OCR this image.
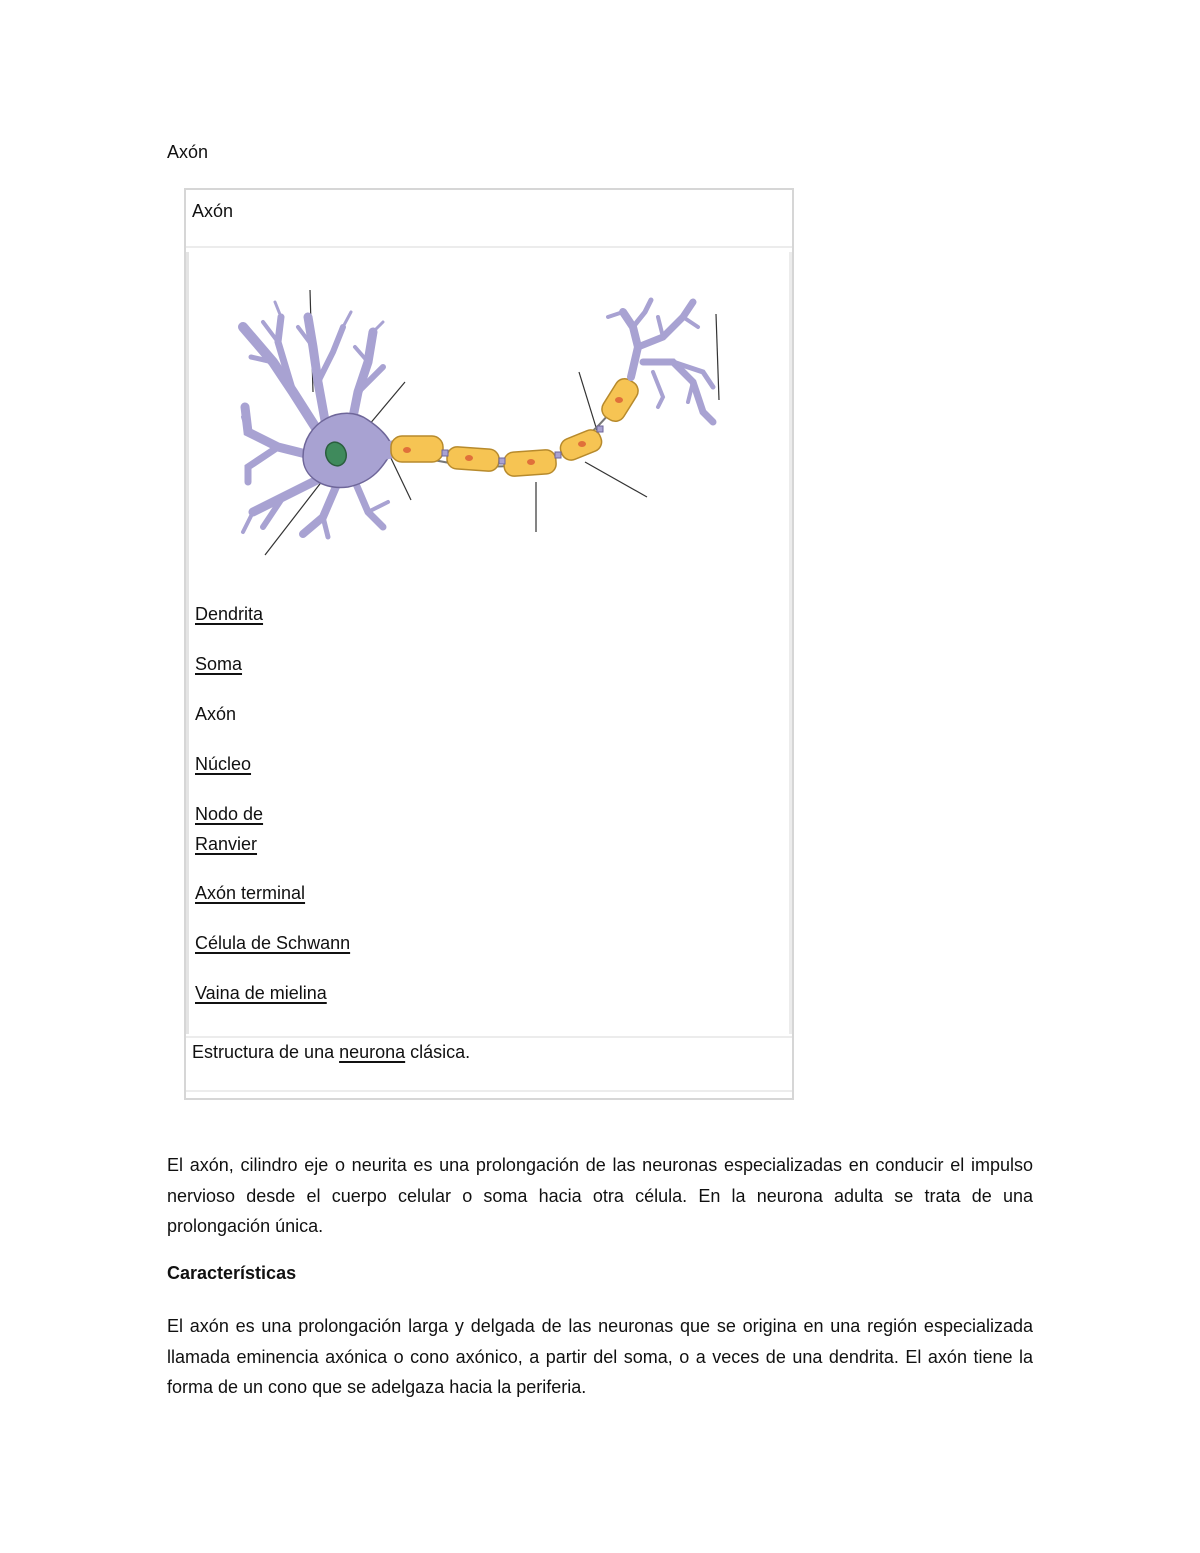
Axón
Axón
Dendrita
Soma
Axón
Núcleo
Nodo de Ranvier
Axón terminal
Célula de Schwann
Vaina de mielina

Estructura de una neurona clásica.

El axón, cilindro eje o neurita es una prolongación de las neuronas especializadas en conducir el impulso nervioso desde el cuerpo celular o soma hacia otra célula. En la neurona adulta se trata de una prolongación única.

Características

El axón es una prolongación larga y delgada de las neuronas que se origina en una región especializada llamada eminencia axónica o cono axónico, a partir del soma, o a veces de una dendrita. El axón tiene la forma de un cono que se adelgaza hacia la periferia.
